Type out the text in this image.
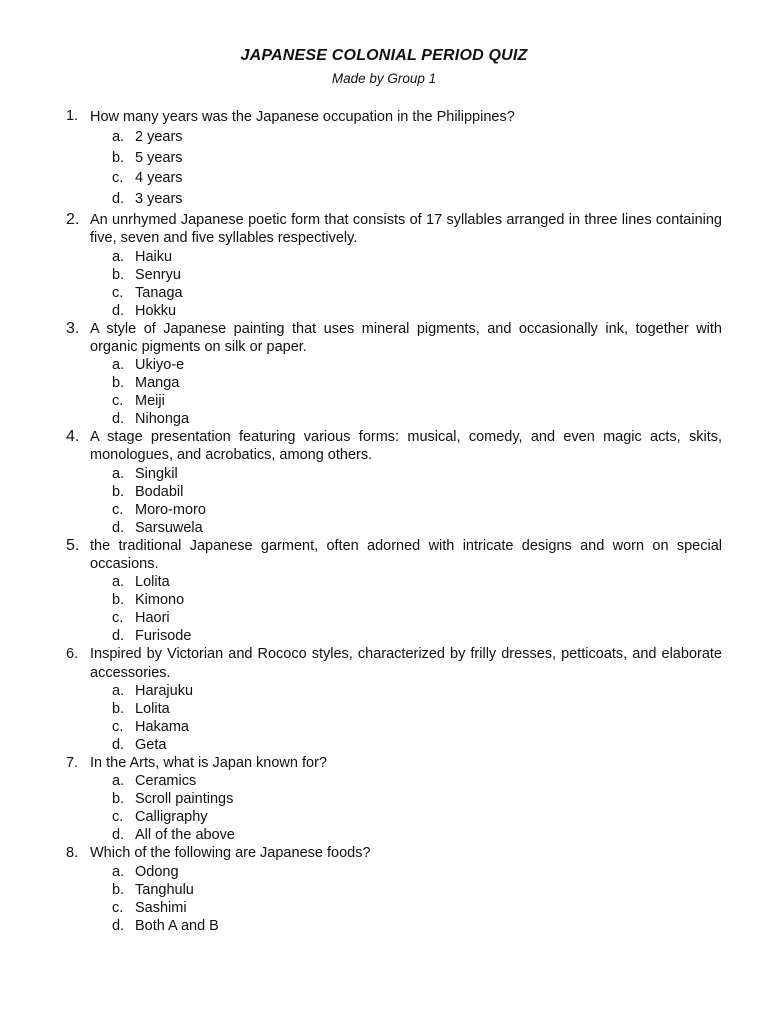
JAPANESE COLONIAL PERIOD QUIZ
Made by Group 1
1. How many years was the Japanese occupation in the Philippines?
a. 2 years
b. 5 years
c. 4 years
d. 3 years
2. An unrhymed Japanese poetic form that consists of 17 syllables arranged in three lines containing five, seven and five syllables respectively.
a. Haiku
b. Senryu
c. Tanaga
d. Hokku
3. A style of Japanese painting that uses mineral pigments, and occasionally ink, together with organic pigments on silk or paper.
a. Ukiyo-e
b. Manga
c. Meiji
d. Nihonga
4. A stage presentation featuring various forms: musical, comedy, and even magic acts, skits, monologues, and acrobatics, among others.
a. Singkil
b. Bodabil
c. Moro-moro
d. Sarsuwela
5. the traditional Japanese garment, often adorned with intricate designs and worn on special occasions.
a. Lolita
b. Kimono
c. Haori
d. Furisode
6. Inspired by Victorian and Rococo styles, characterized by frilly dresses, petticoats, and elaborate accessories.
a. Harajuku
b. Lolita
c. Hakama
d. Geta
7. In the Arts, what is Japan known for?
a. Ceramics
b. Scroll paintings
c. Calligraphy
d. All of the above
8. Which of the following are Japanese foods?
a. Odong
b. Tanghulu
c. Sashimi
d. Both A and B
